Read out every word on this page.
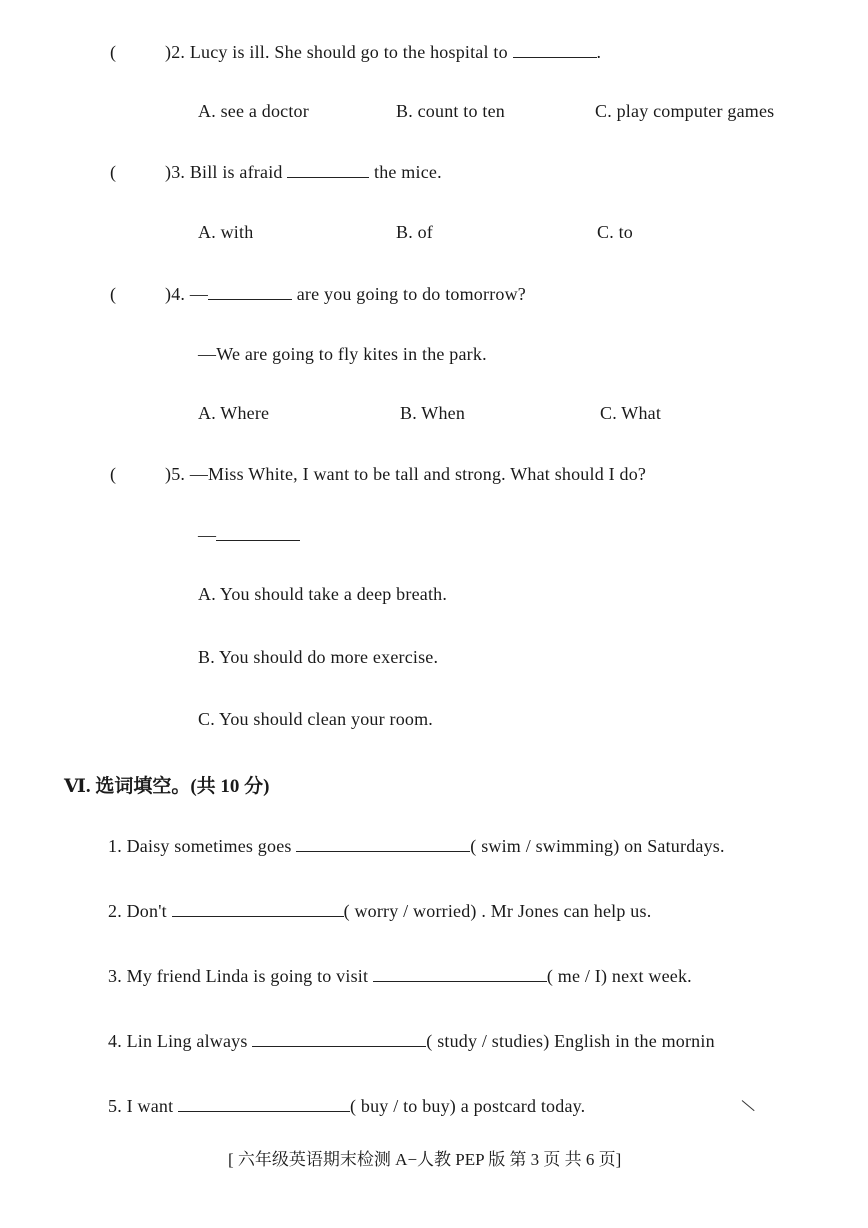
(	)2. Lucy is ill. She should go to the hospital to	.
A. see a doctor	B. count to ten	C. play computer games
(	)3. Bill is afraid	the mice.
A. with	B. of	C. to
(	)4. —	are you going to do tomorrow?
—We are going to fly kites in the park.
A. Where	B. When	C. What
(	)5. —Miss White, I want to be tall and strong. What should I do?
—
A. You should take a deep breath.
B. You should do more exercise.
C. You should clean your room.
Ⅵ. 选词填空。(共 10 分)
1. Daisy sometimes goes	( swim / swimming) on Saturdays.
2. Don't	( worry / worried) . Mr Jones can help us.
3. My friend Linda is going to visit	( me / I) next week.
4. Lin Ling always	( study / studies) English in the mornin
5. I want	( buy / to buy) a postcard today.
[ 六年级英语期末检测 A−人教 PEP 版 第 3 页 共 6 页]
